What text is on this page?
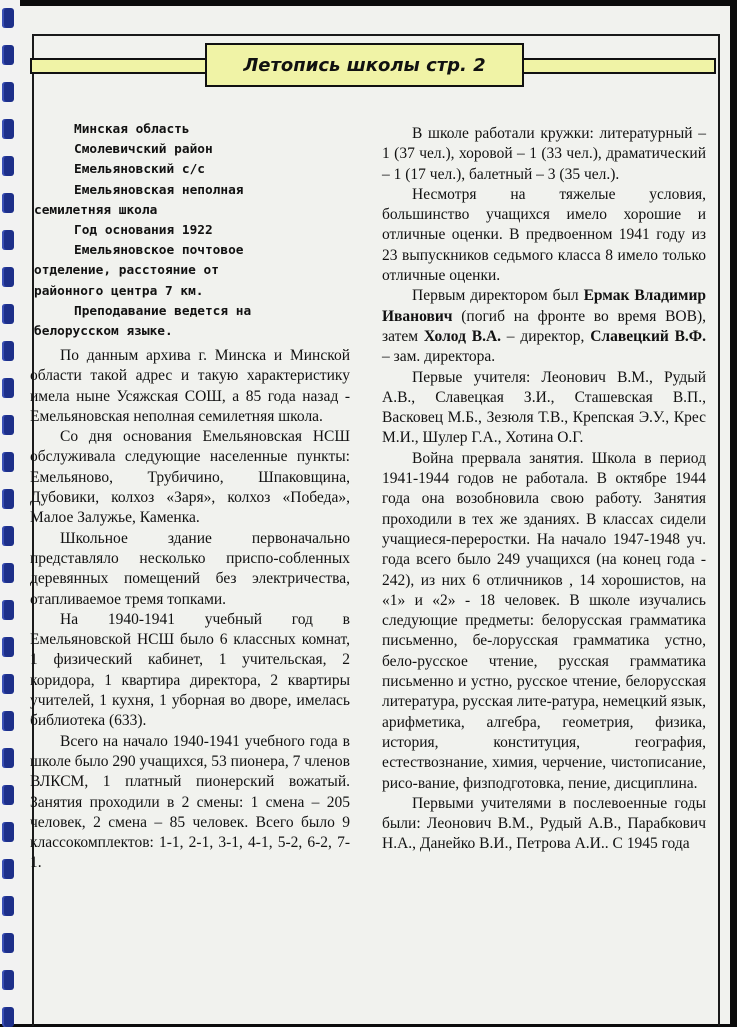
Летопись школы стр. 2
Минская область
Смолевичский район
Емельяновский с/с
Емельяновская неполная
семилетняя школа
Год основания 1922
Емельяновское почтовое
отделение, расстояние от
районного центра 7 км.
Преподавание ведется на
белорусском языке.

По данным архива г. Минска и Минской области такой адрес и такую характеристику имела ныне Усяжская СОШ, а 85 года назад - Емельяновская неполная семилетняя школа.

Со дня основания Емельяновская НСШ обслуживала следующие населенные пункты: Емельяново, Трубичино, Шпаковщина, Дубовики, колхоз «Заря», колхоз «Победа», Малое Залужье, Каменка.

Школьное здание первоначально представляло несколько приспо-собленных деревянных помещений без электричества, отапливаемое тремя топками.

На 1940-1941 учебный год в Емельяновской НСШ было 6 классных комнат, 1 физический кабинет, 1 учительская, 2 коридора, 1 квартира директора, 2 квартиры учителей, 1 кухня, 1 уборная во дворе, имелась библиотека (633).

Всего на начало 1940-1941 учебного года в школе было 290 учащихся, 53 пионера, 7 членов ВЛКСМ, 1 платный пионерский вожатый. Занятия проходили в 2 смены: 1 смена – 205 человек, 2 смена – 85 человек. Всего было 9 классокомплектов: 1-1, 2-1, 3-1, 4-1, 5-2, 6-2, 7-1.

В школе работали кружки: литературный – 1 (37 чел.), хоровой – 1 (33 чел.), драматический – 1 (17 чел.), балетный – 3 (35 чел.).

Несмотря на тяжелые условия, большинство учащихся имело хорошие и отличные оценки. В предвоенном 1941 году из 23 выпускников седьмого класса 8 имело только отличные оценки.

Первым директором был Ермак Владимир Иванович (погиб на фронте во время ВОВ), затем Холод В.А. – директор, Славецкий В.Ф. – зам. директора.

Первые учителя: Леонович В.М., Рудый А.В., Славецкая З.И., Сташевская В.П., Васковец М.Б., Зезюля Т.В., Крепская Э.У., Крес М.И., Шулер Г.А., Хотина О.Г.

Война прервала занятия. Школа в период 1941-1944 годов не работала. В октябре 1944 года она возобновила свою работу. Занятия проходили в тех же зданиях. В классах сидели учащиеся-переростки. На начало 1947-1948 уч. года всего было 249 учащихся (на конец года - 242), из них 6 отличников , 14 хорошистов, на «1» и «2» - 18 человек. В школе изучались следующие предметы: белорусская грамматика письменно, бе-лорусская грамматика устно, бело-русское чтение, русская грамматика письменно и устно, русское чтение, белорусская литература, русская лите-ратура, немецкий язык, арифметика, алгебра, геометрия, физика, история, конституция, география, естествознание, химия, черчение, чистописание, рисо-вание, физподготовка, пение, дисциплина.

Первыми учителями в послевоенные годы были: Леонович В.М., Рудый А.В., Парабкович Н.А., Данейко В.И., Петрова А.И.. С 1945 года
